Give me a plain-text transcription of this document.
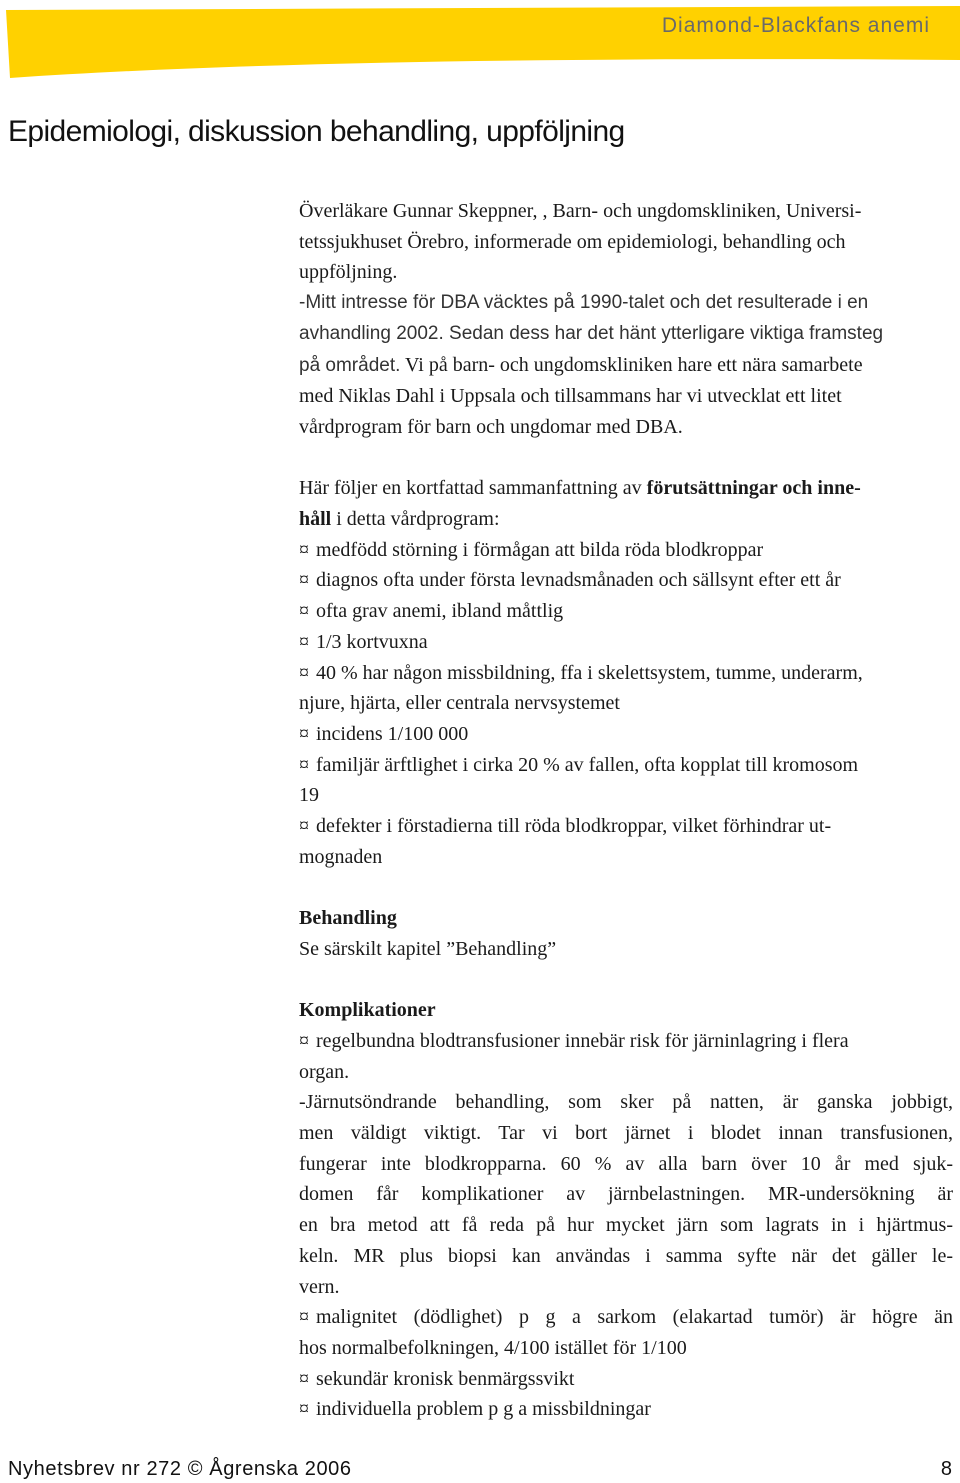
Diamond-Blackfans anemi
Epidemiologi, diskussion behandling, uppföljning

Överläkare Gunnar Skeppner, , Barn- och ungdomskliniken, Universi-

tetssjukhuset Örebro, informerade om epidemiologi, behandling och

uppföljning.

-Mitt intresse för DBA väcktes på 1990-talet och det resulterade i en

avhandling 2002. Sedan dess har det hänt ytterligare viktiga framsteg

på området. Vi på barn- och ungdomskliniken hare ett nära samarbete

med Niklas Dahl i Uppsala och tillsammans har vi utvecklat ett litet

vårdprogram för barn och ungdomar med DBA.

Här följer en kortfattad sammanfattning av förutsättningar och inne-

håll i detta vårdprogram:

¤ medfödd störning i förmågan att bilda röda blodkroppar

¤ diagnos ofta under första levnadsmånaden och sällsynt efter ett år

¤ ofta grav anemi, ibland måttlig

¤ 1/3 kortvuxna

¤ 40 % har någon missbildning, ffa i skelettsystem, tumme, underarm,

njure, hjärta, eller centrala nervsystemet

¤ incidens 1/100 000

¤ familjär ärftlighet i cirka 20 % av fallen, ofta kopplat till kromosom

19

¤ defekter i förstadierna till röda blodkroppar, vilket förhindrar ut-

mognaden

Behandling

Se särskilt kapitel ”Behandling”

Komplikationer

¤ regelbundna blodtransfusioner innebär risk för järninlagring i flera

organ.

-Järnutsöndrande behandling, som sker på natten, är ganska jobbigt,

men väldigt viktigt. Tar vi bort järnet i blodet innan transfusionen,

fungerar inte blodkropparna. 60 % av alla barn över 10 år med sjuk-

domen får komplikationer av järnbelastningen. MR-undersökning är

en bra metod att få reda på hur mycket järn som lagrats in i hjärtmus-

keln. MR plus biopsi kan användas i samma syfte när det gäller le-

vern.

¤ malignitet (dödlighet) p g a sarkom (elakartad tumör) är högre än

hos normalbefolkningen, 4/100 istället för 1/100

¤ sekundär kronisk benmärgssvikt

¤ individuella problem p g a missbildningar

Nyhetsbrev nr 272 © Ågrenska 2006	8
